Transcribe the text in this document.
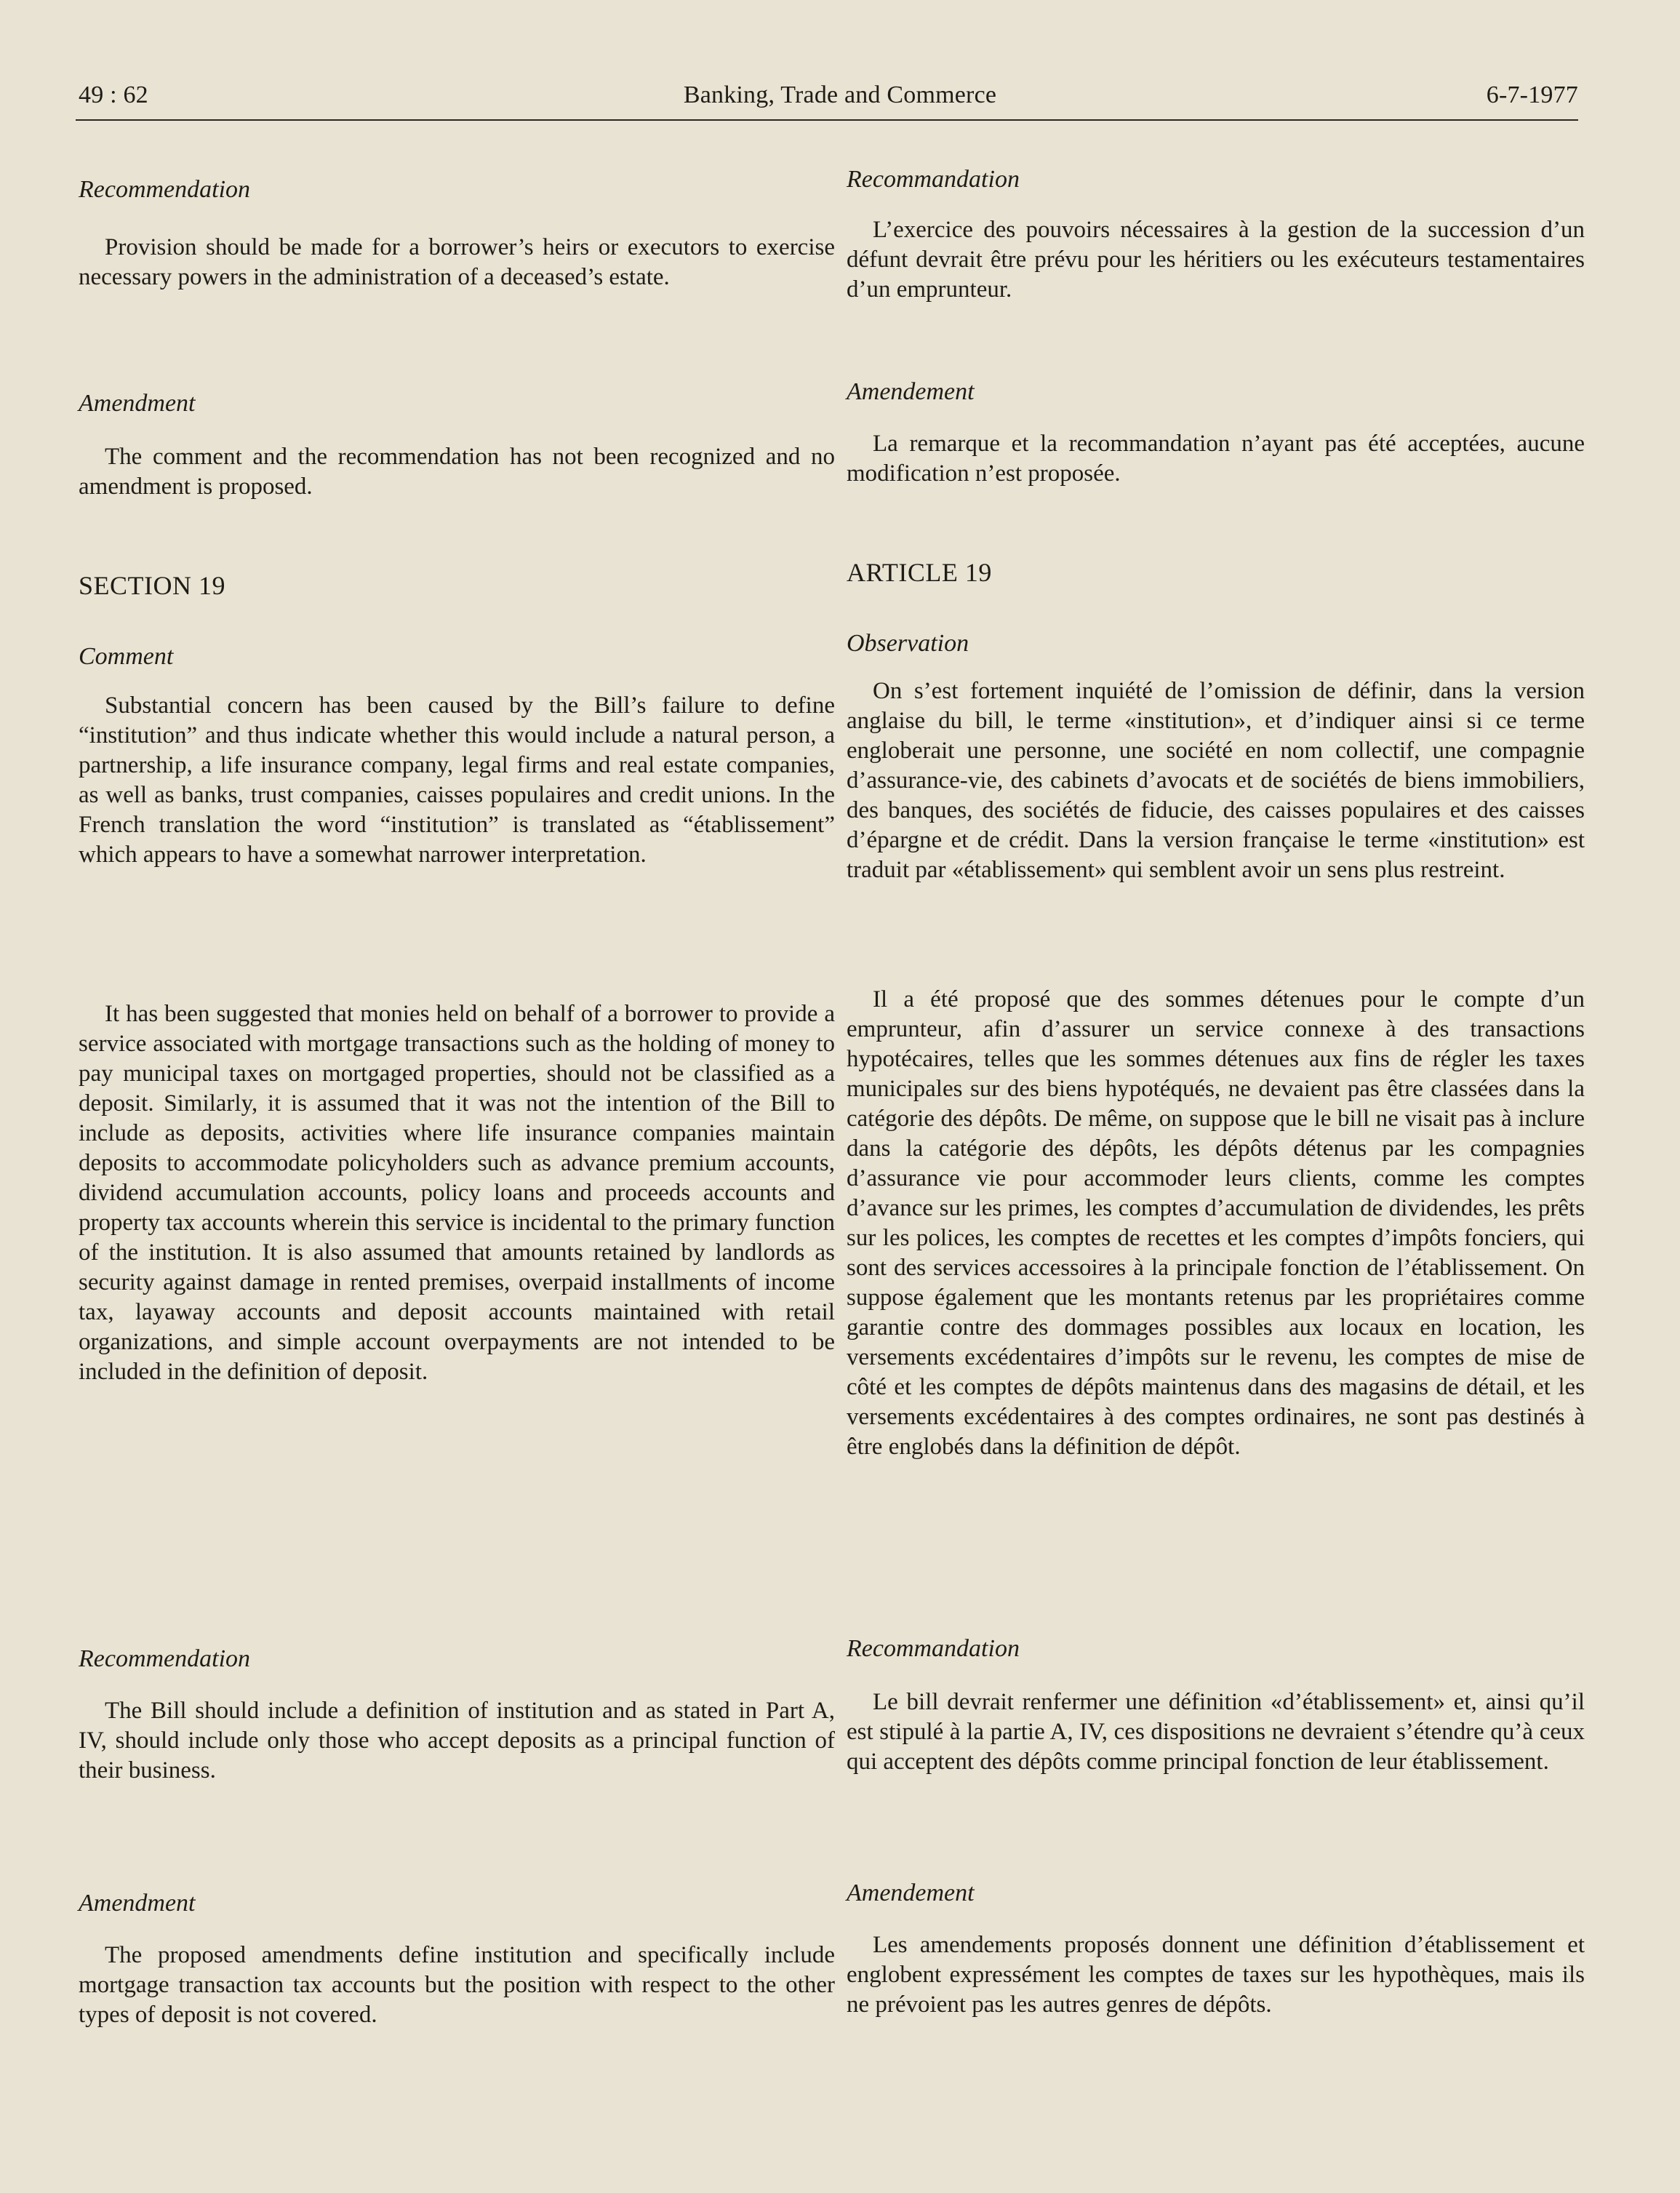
49 : 62	Banking, Trade and Commerce	6-7-1977

Recommendation

Provision should be made for a borrower’s heirs or executors to exercise necessary powers in the administration of a deceased’s estate.

Amendment

The comment and the recommendation has not been recognized and no amendment is proposed.

SECTION 19

Comment

Substantial concern has been caused by the Bill’s failure to define “institution” and thus indicate whether this would include a natural person, a partnership, a life insurance company, legal firms and real estate companies, as well as banks, trust companies, caisses populaires and credit unions. In the French translation the word “institution” is translated as “établissement” which appears to have a somewhat narrower interpretation.

It has been suggested that monies held on behalf of a borrower to provide a service associated with mortgage transactions such as the holding of money to pay municipal taxes on mortgaged properties, should not be classified as a deposit. Similarly, it is assumed that it was not the intention of the Bill to include as deposits, activities where life insurance companies maintain deposits to accommodate policyholders such as advance premium accounts, dividend accumulation accounts, policy loans and proceeds accounts and property tax accounts wherein this service is incidental to the primary function of the institution. It is also assumed that amounts retained by landlords as security against damage in rented premises, overpaid installments of income tax, layaway accounts and deposit accounts maintained with retail organizations, and simple account overpayments are not intended to be included in the definition of deposit.

Recommendation

The Bill should include a definition of institution and as stated in Part A, IV, should include only those who accept deposits as a principal function of their business.

Amendment

The proposed amendments define institution and specifically include mortgage transaction tax accounts but the position with respect to the other types of deposit is not covered.

Recommandation

L’exercice des pouvoirs nécessaires à la gestion de la succession d’un défunt devrait être prévu pour les héritiers ou les exécuteurs testamentaires d’un emprunteur.

Amendement

La remarque et la recommandation n’ayant pas été acceptées, aucune modification n’est proposée.

ARTICLE 19

Observation

On s’est fortement inquiété de l’omission de définir, dans la version anglaise du bill, le terme «institution», et d’indiquer ainsi si ce terme engloberait une personne, une société en nom collectif, une compagnie d’assurance-vie, des cabinets d’avocats et de sociétés de biens immobiliers, des banques, des sociétés de fiducie, des caisses populaires et des caisses d’épargne et de crédit. Dans la version française le terme «institution» est traduit par «établissement» qui semblent avoir un sens plus restreint.

Il a été proposé que des sommes détenues pour le compte d’un emprunteur, afin d’assurer un service connexe à des transactions hypotécaires, telles que les sommes détenues aux fins de régler les taxes municipales sur des biens hypotéqués, ne devaient pas être classées dans la catégorie des dépôts. De même, on suppose que le bill ne visait pas à inclure dans la catégorie des dépôts, les dépôts détenus par les compagnies d’assurance vie pour accommoder leurs clients, comme les comptes d’avance sur les primes, les comptes d’accumulation de dividendes, les prêts sur les polices, les comptes de recettes et les comptes d’impôts fonciers, qui sont des services accessoires à la principale fonction de l’établissement. On suppose également que les montants retenus par les propriétaires comme garantie contre des dommages possibles aux locaux en location, les versements excédentaires d’impôts sur le revenu, les comptes de mise de côté et les comptes de dépôts maintenus dans des magasins de détail, et les versements excédentaires à des comptes ordinaires, ne sont pas destinés à être englobés dans la définition de dépôt.

Recommandation

Le bill devrait renfermer une définition «d’établissement» et, ainsi qu’il est stipulé à la partie A, IV, ces dispositions ne devraient s’étendre qu’à ceux qui acceptent des dépôts comme principal fonction de leur établissement.

Amendement

Les amendements proposés donnent une définition d’établissement et englobent expressément les comptes de taxes sur les hypothèques, mais ils ne prévoient pas les autres genres de dépôts.
